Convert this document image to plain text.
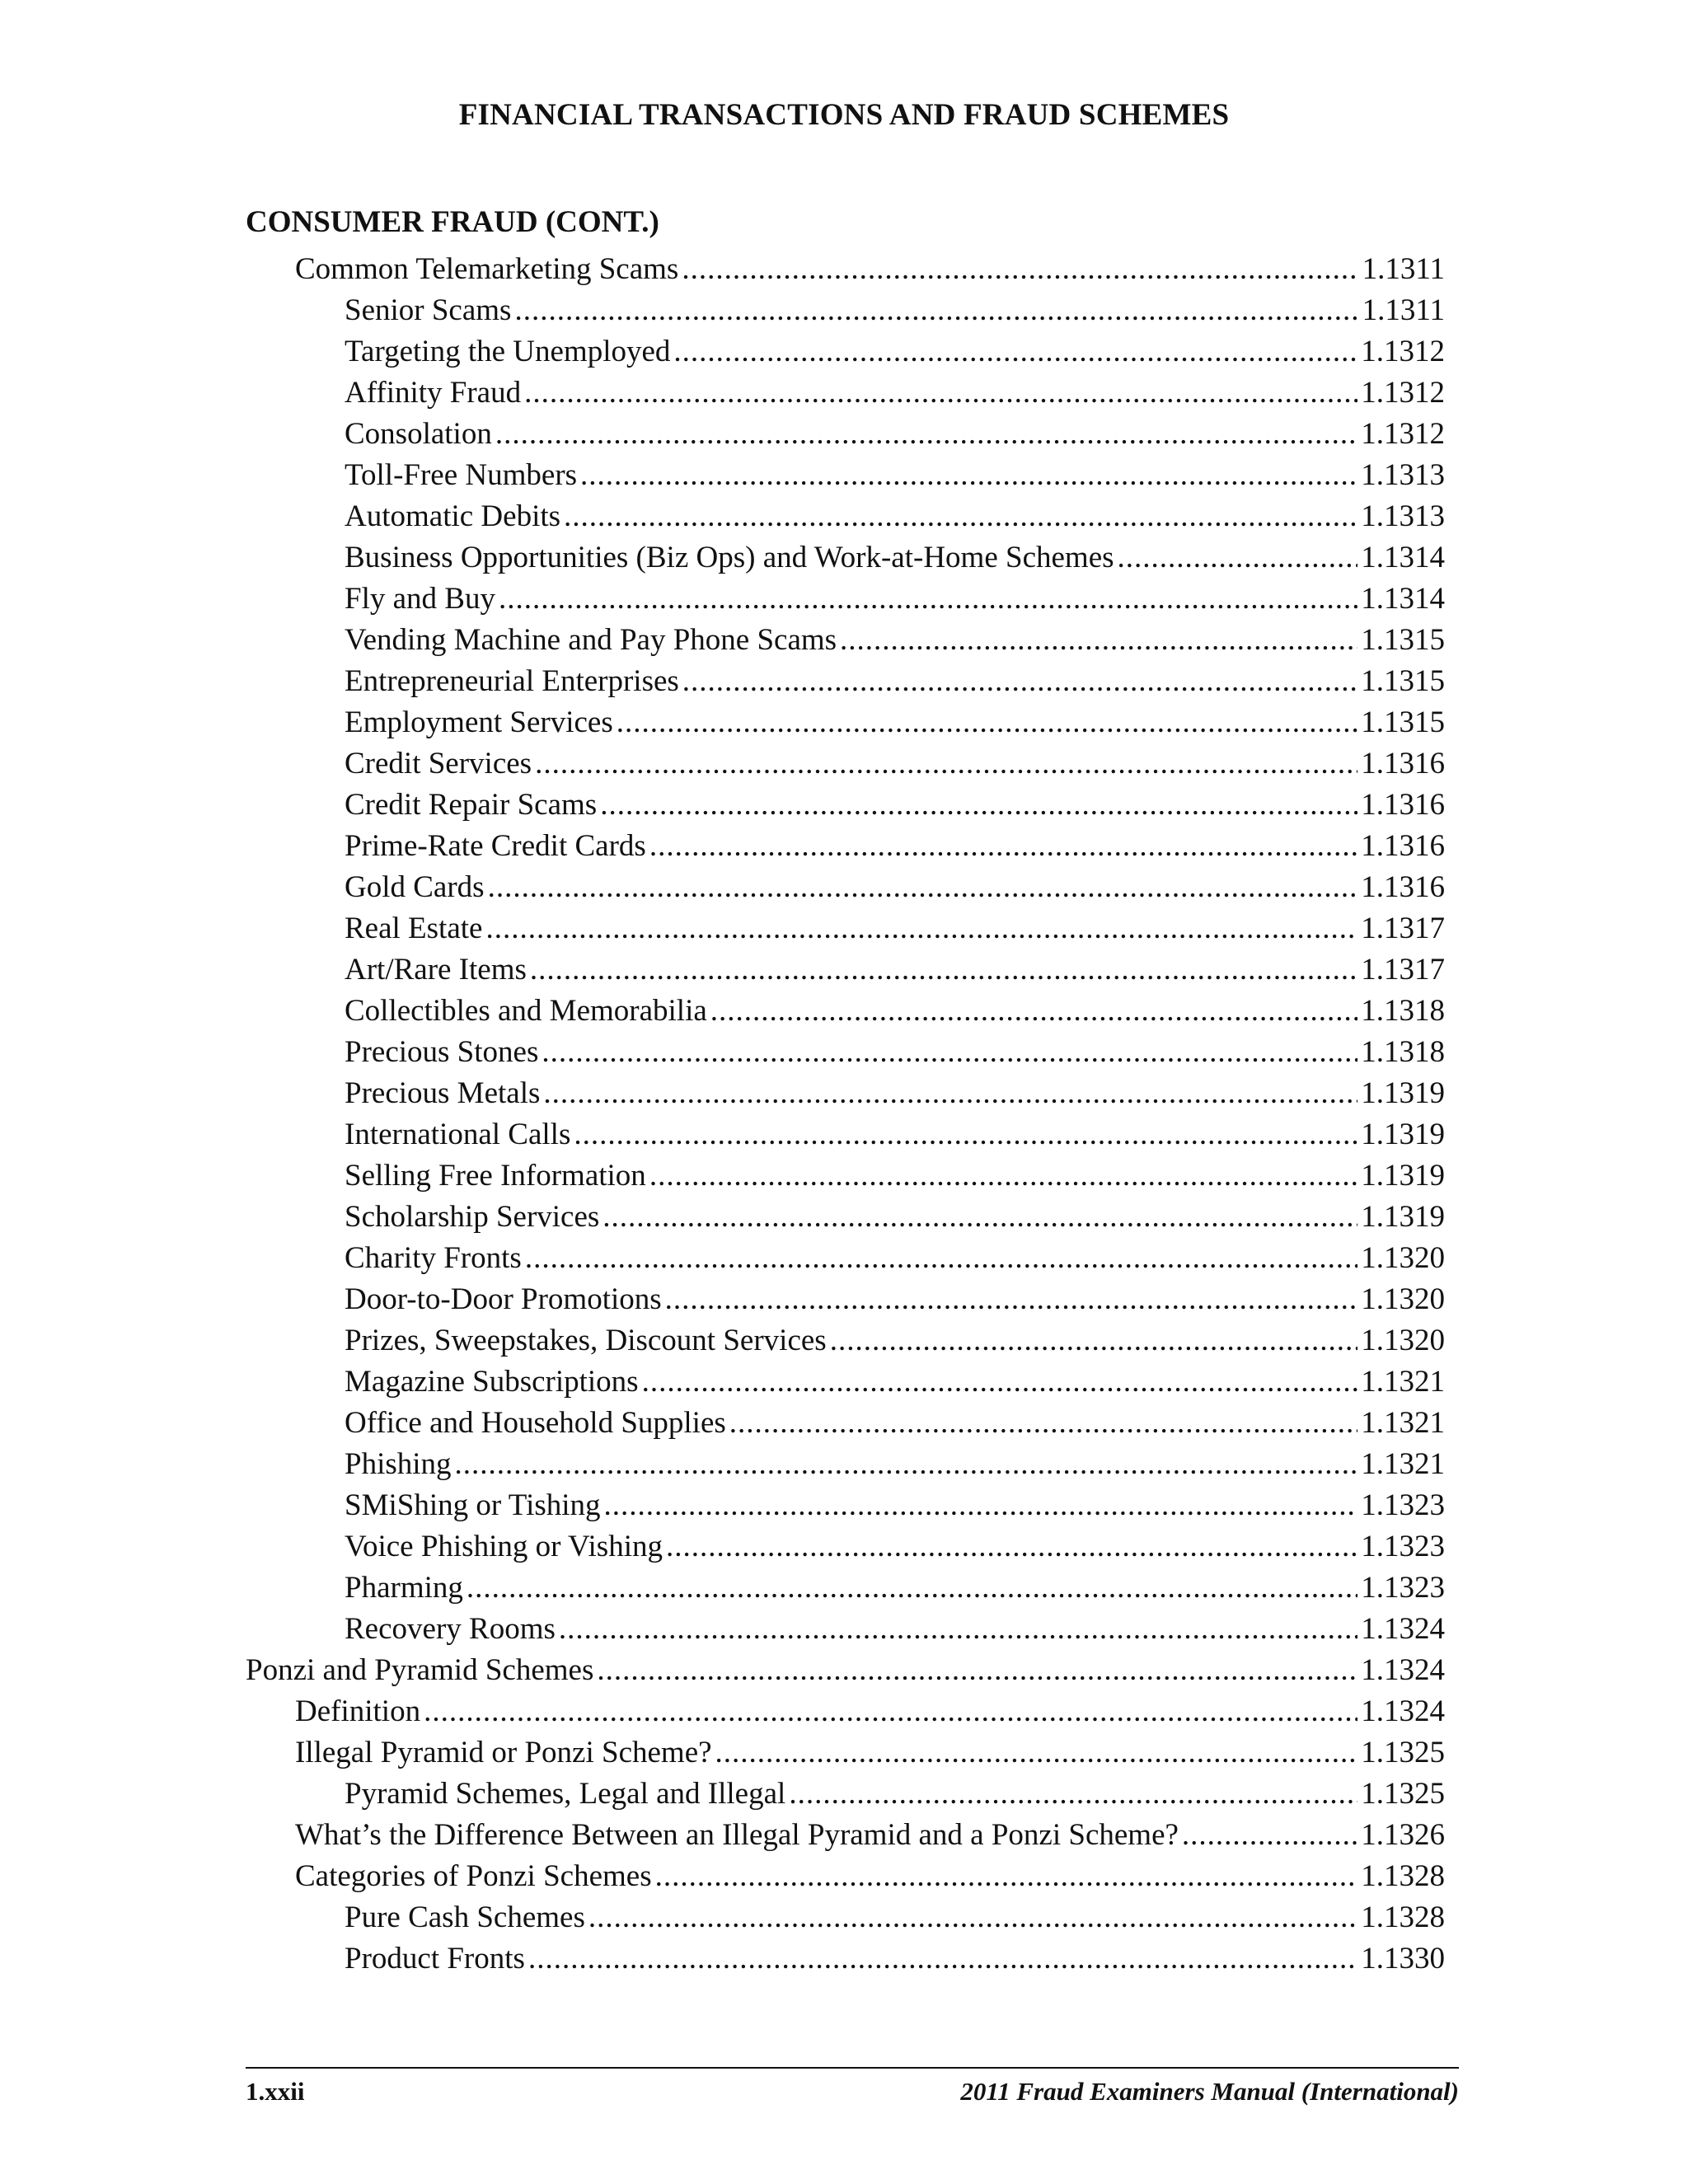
FINANCIAL TRANSACTIONS AND FRAUD SCHEMES
CONSUMER FRAUD (CONT.)
Common Telemarketing Scams .....	1.1311
Senior Scams .....	1.1311
Targeting the Unemployed .....	1.1312
Affinity Fraud .....	1.1312
Consolation .....	1.1312
Toll-Free Numbers .....	1.1313
Automatic Debits .....	1.1313
Business Opportunities (Biz Ops) and Work-at-Home Schemes .....	1.1314
Fly and Buy .....	1.1314
Vending Machine and Pay Phone Scams .....	1.1315
Entrepreneurial Enterprises .....	1.1315
Employment Services .....	1.1315
Credit Services .....	1.1316
Credit Repair Scams .....	1.1316
Prime-Rate Credit Cards .....	1.1316
Gold Cards .....	1.1316
Real Estate .....	1.1317
Art/Rare Items .....	1.1317
Collectibles and Memorabilia .....	1.1318
Precious Stones .....	1.1318
Precious Metals .....	1.1319
International Calls .....	1.1319
Selling Free Information .....	1.1319
Scholarship Services .....	1.1319
Charity Fronts .....	1.1320
Door-to-Door Promotions .....	1.1320
Prizes, Sweepstakes, Discount Services .....	1.1320
Magazine Subscriptions .....	1.1321
Office and Household Supplies .....	1.1321
Phishing .....	1.1321
SMiShing or Tishing .....	1.1323
Voice Phishing or Vishing .....	1.1323
Pharming .....	1.1323
Recovery Rooms .....	1.1324
Ponzi and Pyramid Schemes .....	1.1324
Definition .....	1.1324
Illegal Pyramid or Ponzi Scheme? .....	1.1325
Pyramid Schemes, Legal and Illegal .....	1.1325
What’s the Difference Between an Illegal Pyramid and a Ponzi Scheme? .....	1.1326
Categories of Ponzi Schemes .....	1.1328
Pure Cash Schemes .....	1.1328
Product Fronts .....	1.1330
1.xxii	2011 Fraud Examiners Manual (International)
